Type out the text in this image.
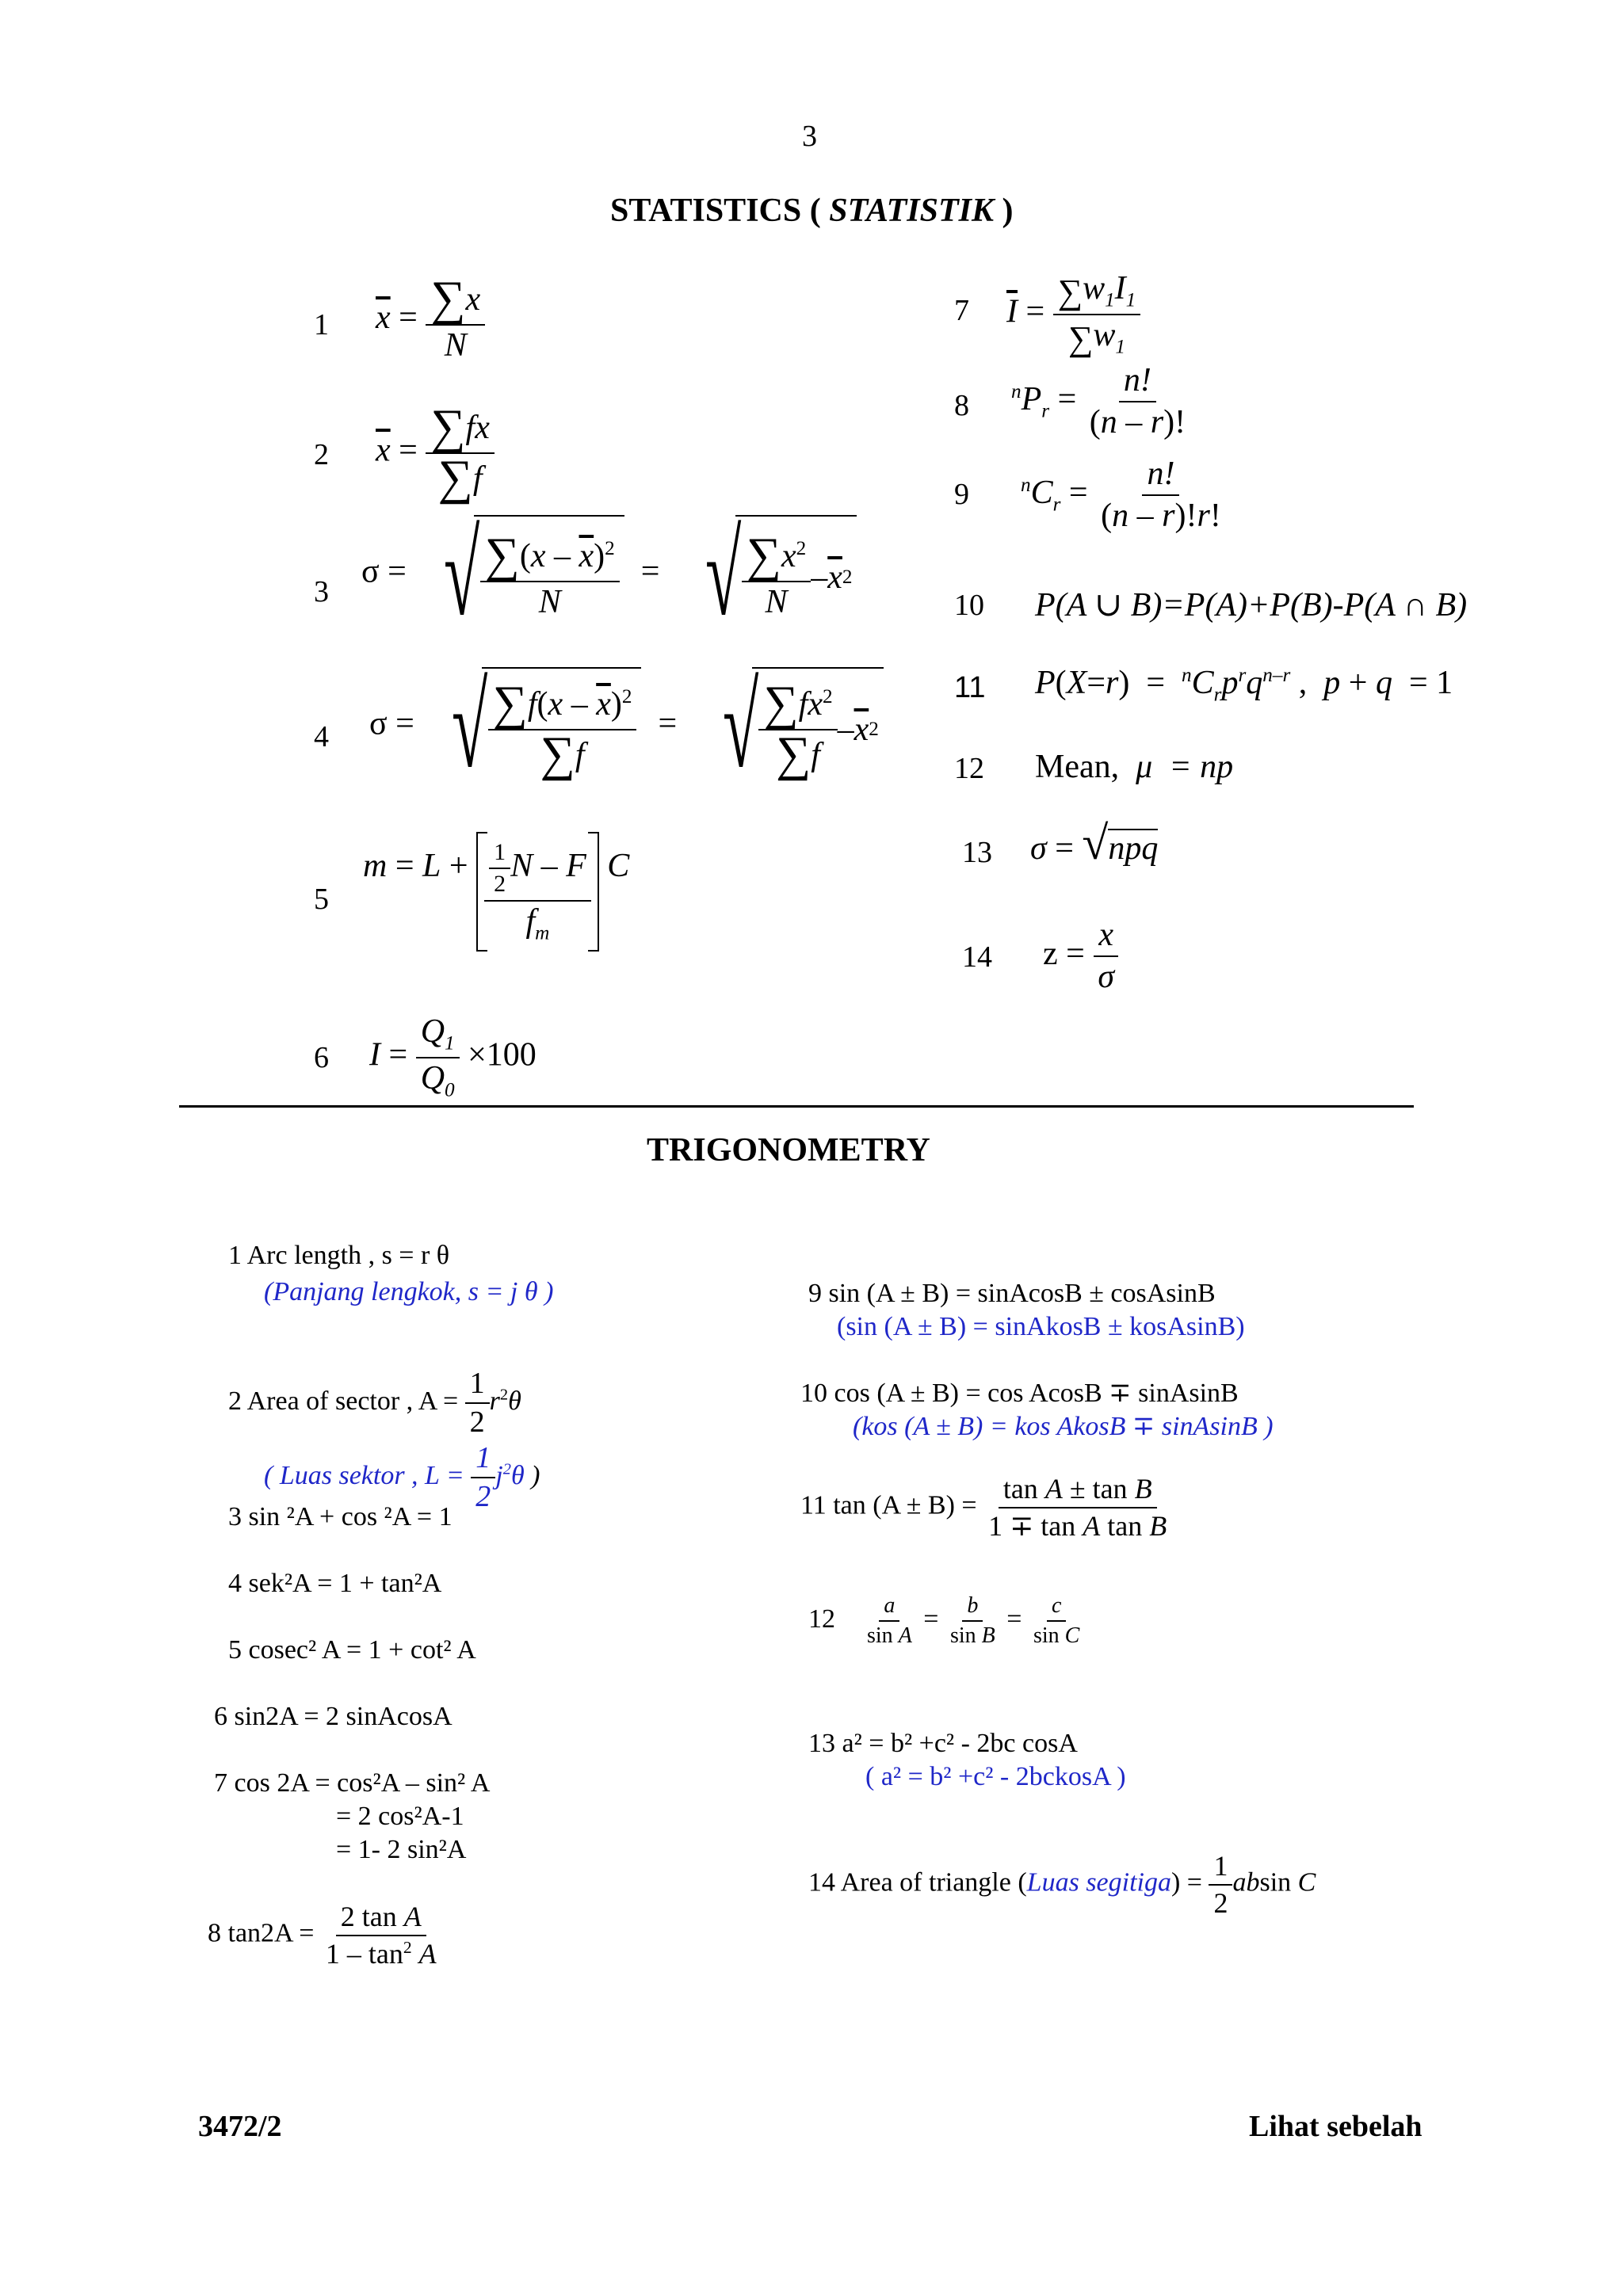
3
STATISTICS ( STATISTIK )
1 $\overline{x} = \frac{\sum x}{N}$
2 $\overline{x} = \frac{\sum fx}{\sum f}$
3
σ = √ $\frac{\sum(x - \overline{x})^2}{N}$ = √ $\frac{\sum x^2}{N} - \overline{x}$ 2
4 σ = √ $\frac{\sum f(x - \overline{x})^2}{\sum f}$ = √ $\frac{\sum fx^2}{\sum f} - \overline{x}$ 2
5
$m = L + \frac{\frac{1}{2} N - F}{f_m}$ C
6 $I = \frac{Q_1}{Q_0} \times 100$
7 $\overline{I} = \frac{\sum w_1I_1}{\sum w_1}$
8 $^nP_r = \frac{n!}{(n - r)!}$
9	$^nC_r = \frac{n!}{(n - r)!r!}$
10 P(A ∪ B)=P(A)+P(B)-P(A ∩ B)
11 $P(X=r) = ^nC_rp^rq^{n-r}$ ,  p + q  = 1
12 Mean,  μ  = np
13 σ = √npq
14 $z = \frac{x}{\sigma}$
TRIGONOMETRY
1 Arc length , s = r θ
(Panjang lengkok, s = j θ )
2 Area of sector , $A = \frac{1}{2} r^2\theta$
( Luas sektor , $L = \frac{1}{2} j^2\theta$ )
3 sin ²A + cos ²A = 1
4 sek²A = 1 + tan²A
5 cosec² A = 1 + cot² A
6 sin2A = 2 sinAcosA
7 cos 2A = cos²A – sin² A
= 2 cos²A-1
= 1- 2 sin²A
8 $\tan 2A = \frac{\text{2 tan A}}{1 - \tan^2 A}$
9 sin (A ± B) = sinAcosB ± cosAsinB
(sin (A ± B) = sinAkosB ± kosAsinB)
10 cos (A ± B) = cos AcosB ∓ sinAsinB
(kos (A ± B) = kos AkosB ∓ sinAsinB )
11 $\tan (A \pm B) = \frac{\text{tan A ± tan B}}{\text{1 ∓ tan A tan B}}$
$12 \frac{a}{\text{sin A}} = \frac{b}{\text{sin B}} = \frac{c}{\text{sin C}}$
13 a² = b² +c² - 2bc cosA
( a² = b² +c² - 2bckosA )
14 Area of triangle (Luas segitiga) = $\frac{1}{2}$ absin C
3472/2	Lihat sebelah
